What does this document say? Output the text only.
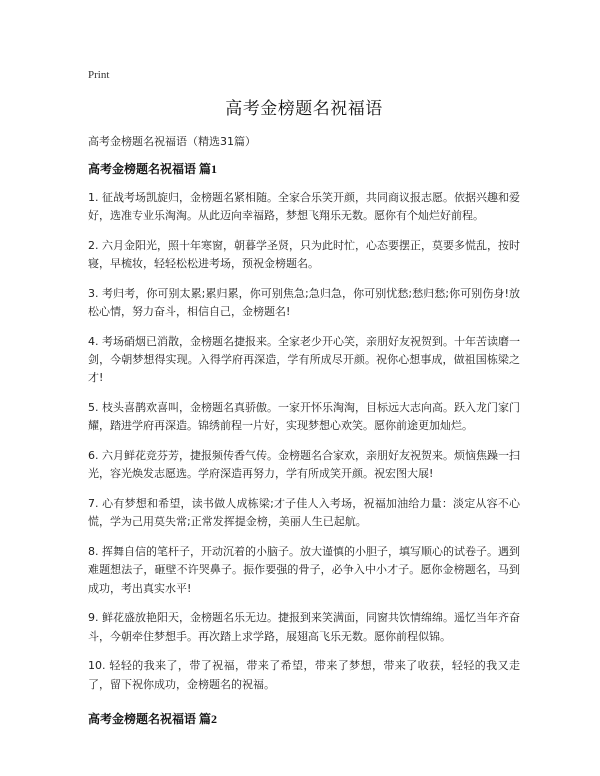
Print
高考金榜题名祝福语
高考金榜题名祝福语（精选31篇）
高考金榜题名祝福语 篇1
1. 征战考场凯旋归，金榜题名紧相随。全家合乐笑开颜，共同商议报志愿。依据兴趣和爱好，选准专业乐淘淘。从此迈向幸福路，梦想飞翔乐无数。愿你有个灿烂好前程。
2. 六月金阳光，照十年寒窗，朝暮学圣贤，只为此时忙，心态要摆正，莫要多慌乱，按时寝，早梳妆，轻轻松松进考场，预祝金榜题名。
3. 考归考，你可别太累;累归累，你可别焦急;急归急，你可别忧愁;愁归愁;你可别伤身!放松心情，努力奋斗，相信自己，金榜题名!
4. 考场硝烟已消散，金榜题名捷报来。全家老少开心笑，亲朋好友祝贺到。十年苦读磨一剑，今朝梦想得实现。入得学府再深造，学有所成尽开颜。祝你心想事成，做祖国栋梁之才!
5. 枝头喜鹊欢喜叫，金榜题名真骄傲。一家开怀乐淘淘，目标远大志向高。跃入龙门家门耀，踏进学府再深造。锦绣前程一片好，实现梦想心欢笑。愿你前途更加灿烂。
6. 六月鲜花竞芬芳，捷报频传香气传。金榜题名合家欢，亲朋好友祝贺来。烦恼焦躁一扫光，容光焕发志愿选。学府深造再努力，学有所成笑开颜。祝宏图大展!
7. 心有梦想和希望，读书做人成栋梁;才子佳人入考场，祝福加油给力量：淡定从容不心慌，学为己用莫失常;正常发挥提金榜，美丽人生已起航。
8. 挥舞自信的笔杆子，开动沉着的小脑子。放大谨慎的小胆子，填写顺心的试卷子。遇到难题想法子，砸壁不许哭鼻子。振作要强的骨子，必争入中小才子。愿你金榜题名，马到成功，考出真实水平!
9. 鲜花盛放艳阳天，金榜题名乐无边。捷报到来笑满面，同窗共饮情绵绵。遥忆当年齐奋斗，今朝牵住梦想手。再次踏上求学路，展翅高飞乐无数。愿你前程似锦。
10. 轻轻的我来了，带了祝福，带来了希望，带来了梦想，带来了收获，轻轻的我又走了，留下祝你成功，金榜题名的祝福。
高考金榜题名祝福语 篇2
